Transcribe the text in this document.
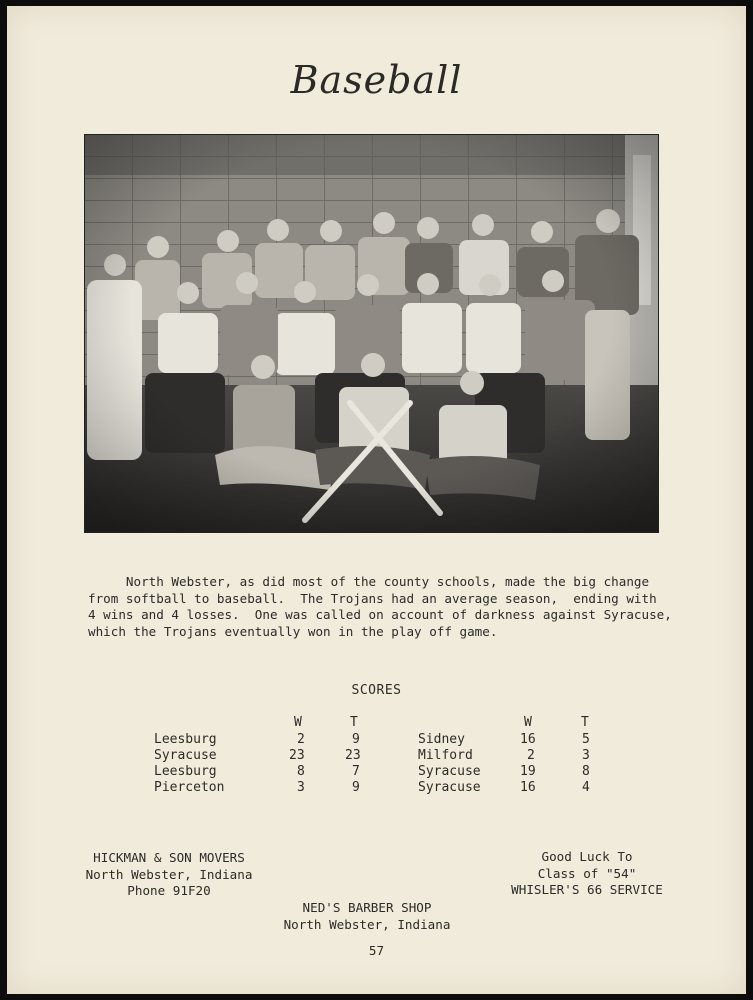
Baseball

North Webster, as did most of the county schools, made the big change

from softball to baseball.  The Trojans had an average season,  ending with

4 wins and 4 losses.  One was called on account of darkness against Syracuse,

which the Trojans eventually won in the play off game.

SCORES
W	T
Leesburg	2	9
Syracuse	23	23
Leesburg	8	7
Pierceton	3	9
W	T
Sidney	16	5
Milford	2	3
Syracuse	19	8
Syracuse	16	4
HICKMAN & SON MOVERS
North Webster, Indiana
Phone 91F20
Good Luck To
Class of "54"
WHISLER'S 66 SERVICE
NED'S BARBER SHOP
North Webster, Indiana
57
